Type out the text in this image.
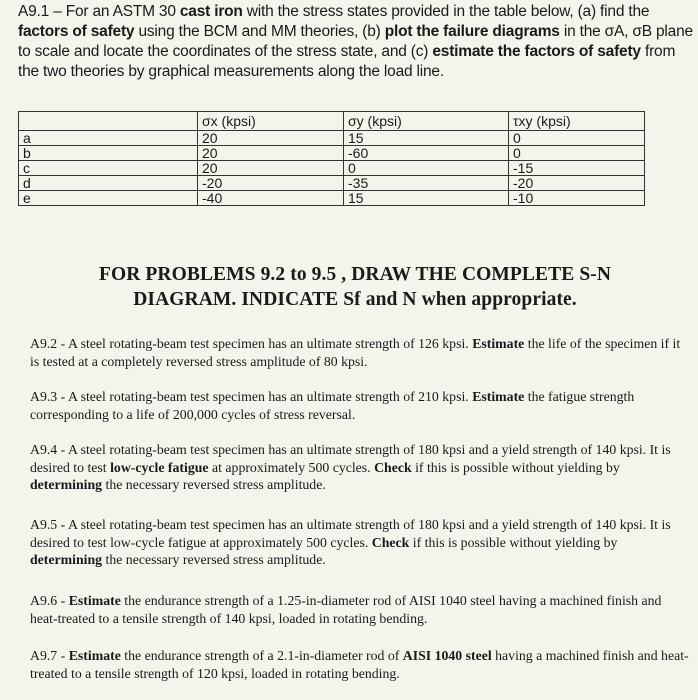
A9.1 – For an ASTM 30 cast iron with the stress states provided in the table below, (a) find the factors of safety using the BCM and MM theories, (b) plot the failure diagrams in the σA, σB plane to scale and locate the coordinates of the stress state, and (c) estimate the factors of safety from the two theories by graphical measurements along the load line.
	σx (kpsi)	σy (kpsi)	τxy (kpsi)
a	20	15	0
b	20	-60	0
c	20	0	-15
d	-20	-35	-20
e	-40	15	-10
FOR PROBLEMS 9.2 to 9.5 , DRAW THE COMPLETE S-N
DIAGRAM. INDICATE Sf and N when appropriate.
A9.2 - A steel rotating-beam test specimen has an ultimate strength of 126 kpsi. Estimate the life of the specimen if it is tested at a completely reversed stress amplitude of 80 kpsi.
A9.3 - A steel rotating-beam test specimen has an ultimate strength of 210 kpsi. Estimate the fatigue strength corresponding to a life of 200,000 cycles of stress reversal.
A9.4 - A steel rotating-beam test specimen has an ultimate strength of 180 kpsi and a yield strength of 140 kpsi. It is desired to test low-cycle fatigue at approximately 500 cycles. Check if this is possible without yielding by determining the necessary reversed stress amplitude.
A9.5 - A steel rotating-beam test specimen has an ultimate strength of 180 kpsi and a yield strength of 140 kpsi. It is desired to test low-cycle fatigue at approximately 500 cycles. Check if this is possible without yielding by determining the necessary reversed stress amplitude.
A9.6 - Estimate the endurance strength of a 1.25-in-diameter rod of AISI 1040 steel having a machined finish and heat-treated to a tensile strength of 140 kpsi, loaded in rotating bending.
A9.7 - Estimate the endurance strength of a 2.1-in-diameter rod of AISI 1040 steel having a machined finish and heat-treated to a tensile strength of 120 kpsi, loaded in rotating bending.
